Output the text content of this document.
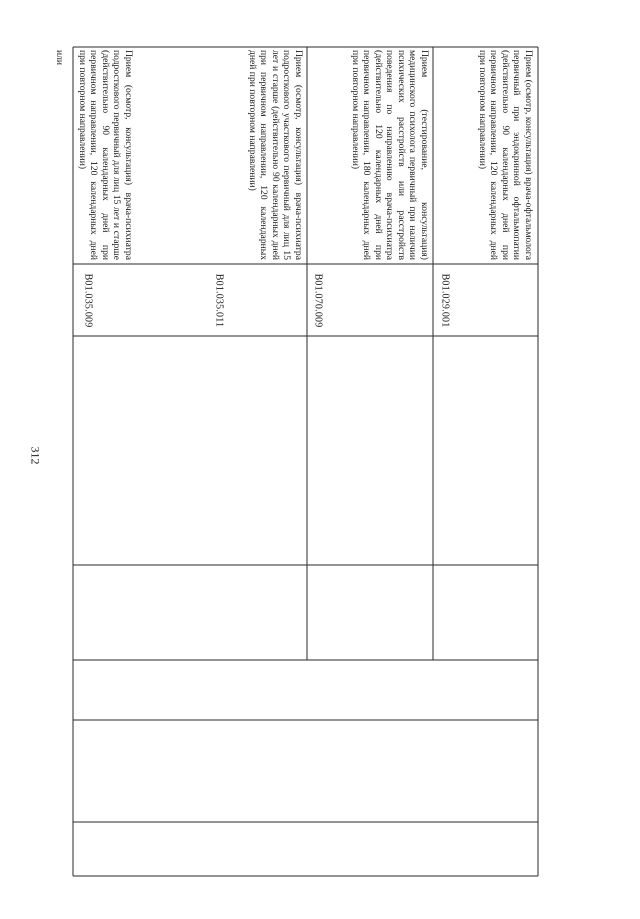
312

Прием (осмотр, консультация) врача-психиатра подросткового первичный для лиц 15 лет и старше (действительно 90 календарных дней при первичном направлении, 120 календарных дней при повторном направлении)

или

B01.035.009

Прием (осмотр, консультация) врача-психиатра подросткового участкового первичный для лиц 15 лет и старше (действительно 90 календарных дней при первичном направлении, 120 календарных дней при повторном направлении)

B01.035.011

Прием (тестирование, консультация) медицинского психолога первичный при наличии психических расстройств или расстройств поведения по направлению врача-психиатра (действительно 120 календарных дней при первичном направлении, 180 календарных дней при повторном направлении)

B01.070.009

Прием (осмотр, консультация) врача-офтальмолога первичный при эндокринной офтальмопатии (действительно 90 календарных дней при первичном направлении, 120 календарных дней при повторном направлении)

B01.029.001
